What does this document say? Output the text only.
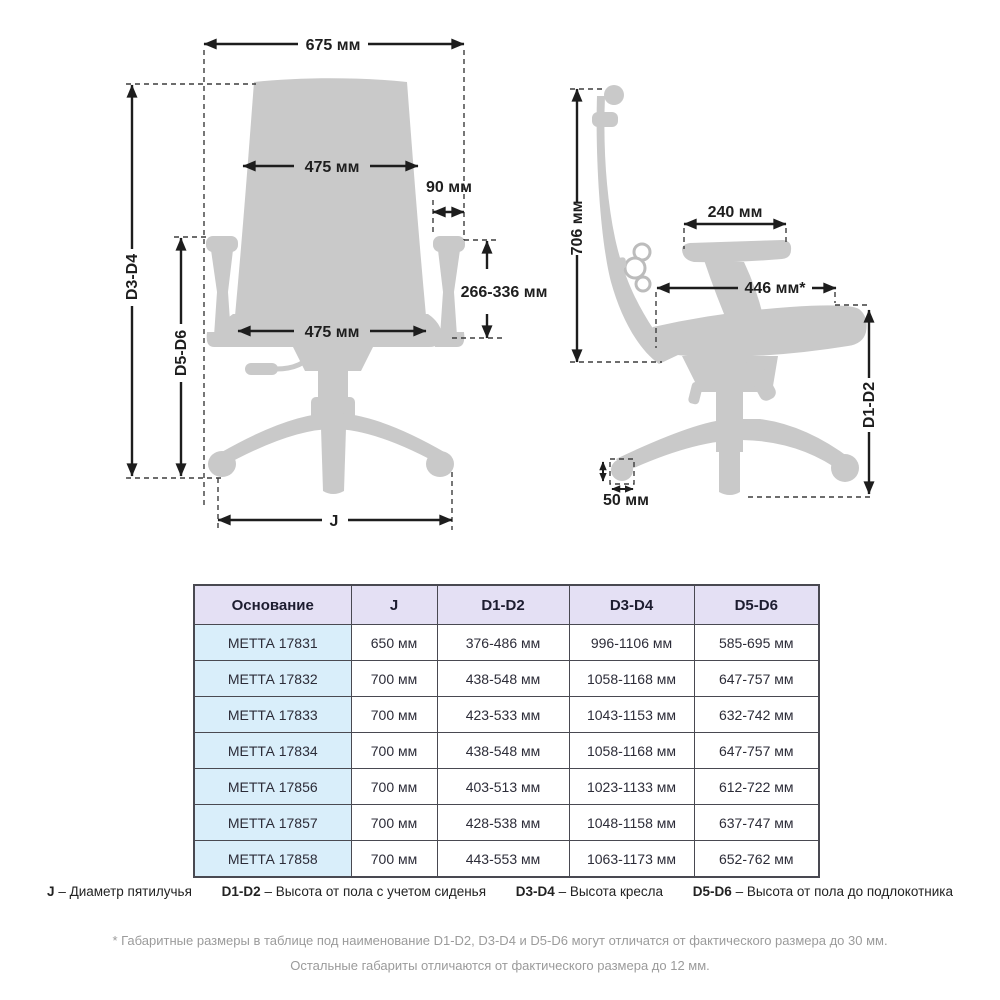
675 мм
475 мм
475 мм
90 мм
266-336 мм
D3-D4
D5-D6
J
706 мм	240 мм
446 мм*
D1-D2
50 мм
Основание	J	D1-D2	D3-D4	D5-D6
МЕТТА 17831	650 мм	376-486 мм	996-1106 мм	585-695 мм
МЕТТА 17832	700 мм	438-548 мм	1058-1168 мм	647-757 мм
МЕТТА 17833	700 мм	423-533 мм	1043-1153 мм	632-742 мм
МЕТТА 17834	700 мм	438-548 мм	1058-1168 мм	647-757 мм
МЕТТА 17856	700 мм	403-513 мм	1023-1133 мм	612-722 мм
МЕТТА 17857	700 мм	428-538 мм	1048-1158 мм	637-747 мм
МЕТТА 17858	700 мм	443-553 мм	1063-1173 мм	652-762 мм
J – Диаметр пятилучья D1-D2 – Высота от пола с учетом сиденья D3-D4 – Высота кресла D5-D6 – Высота от пола до подлокотника
* Габаритные размеры в таблице под наименование D1-D2, D3-D4 и D5-D6 могут отличатся от фактического размера до 30 мм.
Остальные габариты отличаются от фактического размера до 12 мм.
